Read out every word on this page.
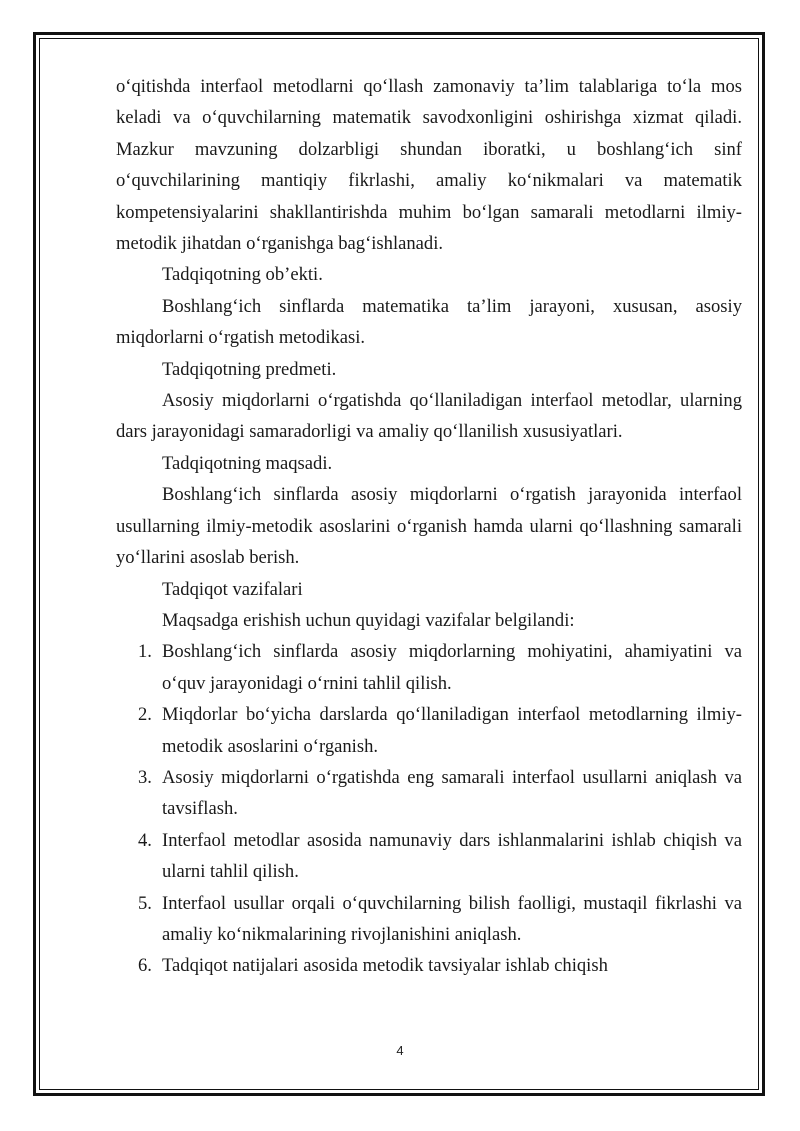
o‘qitishda interfaol metodlarni qo‘llash zamonaviy ta’lim talablariga to‘la mos keladi va o‘quvchilarning matematik savodxonligini oshirishga xizmat qiladi. Mazkur mavzuning dolzarbligi shundan iboratki, u boshlang‘ich sinf o‘quvchilarining mantiqiy fikrlashi, amaliy ko‘nikmalari va matematik kompetensiyalarini shakllantirishda muhim bo‘lgan samarali metodlarni ilmiy-metodik jihatdan o‘rganishga bag‘ishlanadi.

Tadqiqotning ob’ekti.

Boshlang‘ich sinflarda matematika ta’lim jarayoni, xususan, asosiy miqdorlarni o‘rgatish metodikasi.

Tadqiqotning predmeti.

Asosiy miqdorlarni o‘rgatishda qo‘llaniladigan interfaol metodlar, ularning dars jarayonidagi samaradorligi va amaliy qo‘llanilish xususiyatlari.

Tadqiqotning maqsadi.

Boshlang‘ich sinflarda asosiy miqdorlarni o‘rgatish jarayonida interfaol usullarning ilmiy-metodik asoslarini o‘rganish hamda ularni qo‘llashning samarali yo‘llarini asoslab berish.

Tadqiqot vazifalari

Maqsadga erishish uchun quyidagi vazifalar belgilandi:

1. Boshlang‘ich sinflarda asosiy miqdorlarning mohiyatini, ahamiyatini va o‘quv jarayonidagi o‘rnini tahlil qilish.
2. Miqdorlar bo‘yicha darslarda qo‘llaniladigan interfaol metodlarning ilmiy-metodik asoslarini o‘rganish.
3. Asosiy miqdorlarni o‘rgatishda eng samarali interfaol usullarni aniqlash va tavsiflash.
4. Interfaol metodlar asosida namunaviy dars ishlanmalarini ishlab chiqish va ularni tahlil qilish.
5. Interfaol usullar orqali o‘quvchilarning bilish faolligi, mustaqil fikrlashi va amaliy ko‘nikmalarining rivojlanishini aniqlash.
6. Tadqiqot natijalari asosida metodik tavsiyalar ishlab chiqish
4
